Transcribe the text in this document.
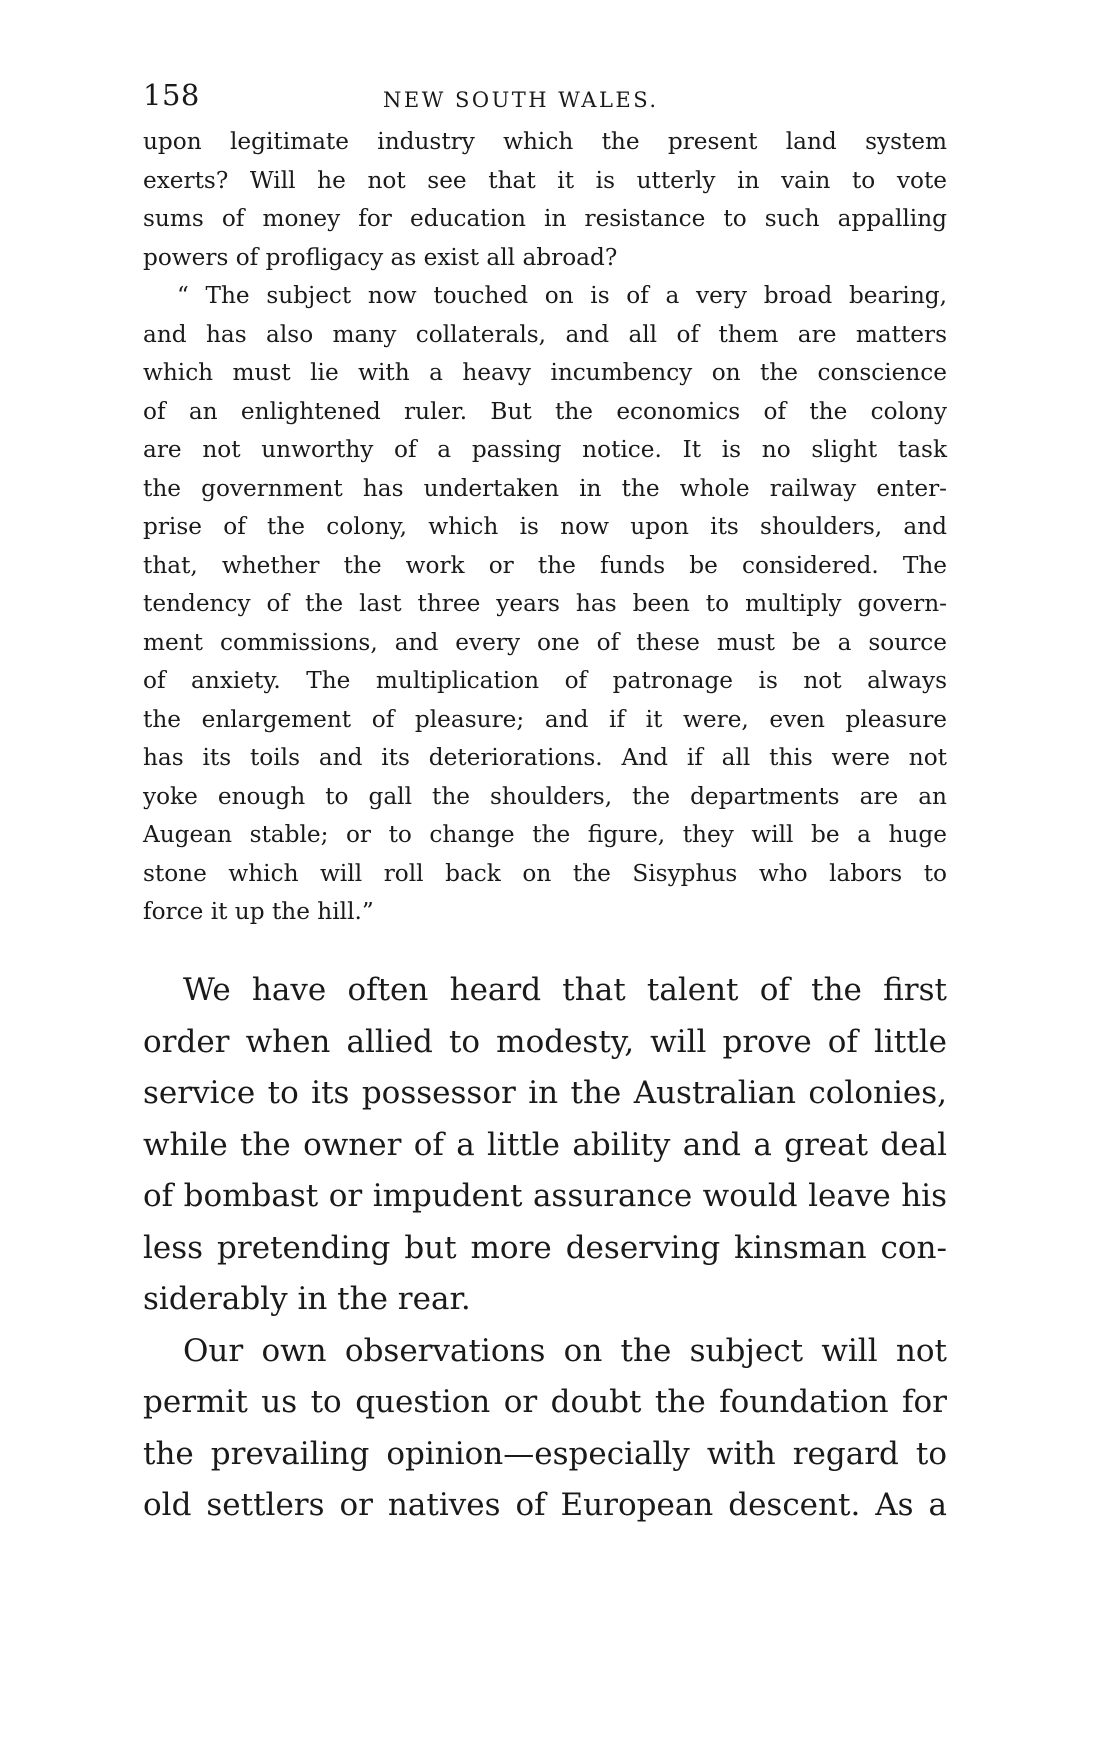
158	NEW SOUTH WALES.
upon legitimate industry which the present land system
exerts? Will he not see that it is utterly in vain to vote
sums of money for education in resistance to such appalling
powers of profligacy as exist all abroad?
“ The subject now touched on is of a very broad bearing,
and has also many collaterals, and all of them are matters
which must lie with a heavy incumbency on the conscience
of an enlightened ruler. But the economics of the colony
are not unworthy of a passing notice. It is no slight task
the government has undertaken in the whole railway enter-
prise of the colony, which is now upon its shoulders, and
that, whether the work or the funds be considered. The
tendency of the last three years has been to multiply govern-
ment commissions, and every one of these must be a source
of anxiety. The multiplication of patronage is not always
the enlargement of pleasure; and if it were, even pleasure
has its toils and its deteriorations. And if all this were not
yoke enough to gall the shoulders, the departments are an
Augean stable; or to change the figure, they will be a huge
stone which will roll back on the Sisyphus who labors to
force it up the hill.”
We have often heard that talent of the first
order when allied to modesty, will prove of little
service to its possessor in the Australian colonies,
while the owner of a little ability and a great deal
of bombast or impudent assurance would leave his
less pretending but more deserving kinsman con-
siderably in the rear.
Our own observations on the subject will not
permit us to question or doubt the foundation for
the prevailing opinion—especially with regard to
old settlers or natives of European descent. As a
